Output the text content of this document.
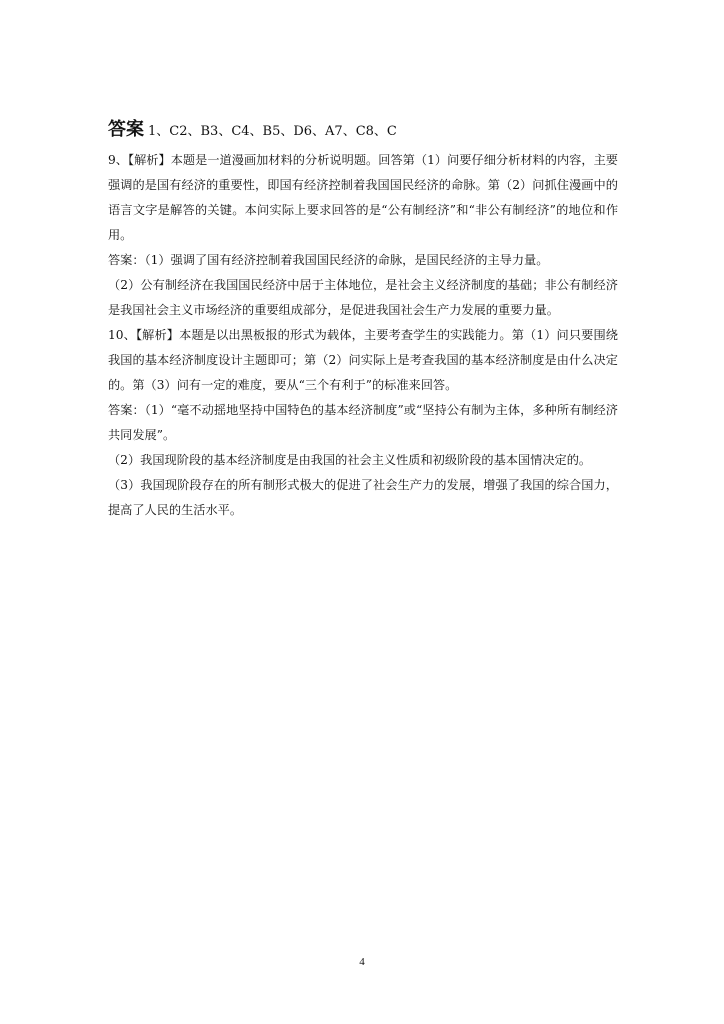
答案 1、C2、B3、C4、B5、D6、A7、C8、C

9、【解析】本题是一道漫画加材料的分析说明题。回答第（1）问要仔细分析材料的内容，主要强调的是国有经济的重要性，即国有经济控制着我国国民经济的命脉。第（2）问抓住漫画中的语言文字是解答的关键。本问实际上要求回答的是“公有制经济”和“非公有制经济”的地位和作用。

答案：（1）强调了国有经济控制着我国国民经济的命脉，是国民经济的主导力量。

（2）公有制经济在我国国民经济中居于主体地位，是社会主义经济制度的基础；非公有制经济是我国社会主义市场经济的重要组成部分，是促进我国社会生产力发展的重要力量。

10、【解析】本题是以出黑板报的形式为载体，主要考查学生的实践能力。第（1）问只要围绕我国的基本经济制度设计主题即可；第（2）问实际上是考查我国的基本经济制度是由什么决定的。第（3）问有一定的难度，要从“三个有利于”的标准来回答。

答案：（1）“毫不动摇地坚持中国特色的基本经济制度”或“坚持公有制为主体，多种所有制经济共同发展”。

（2）我国现阶段的基本经济制度是由我国的社会主义性质和初级阶段的基本国情决定的。

（3）我国现阶段存在的所有制形式极大的促进了社会生产力的发展，增强了我国的综合国力，提高了人民的生活水平。

4
